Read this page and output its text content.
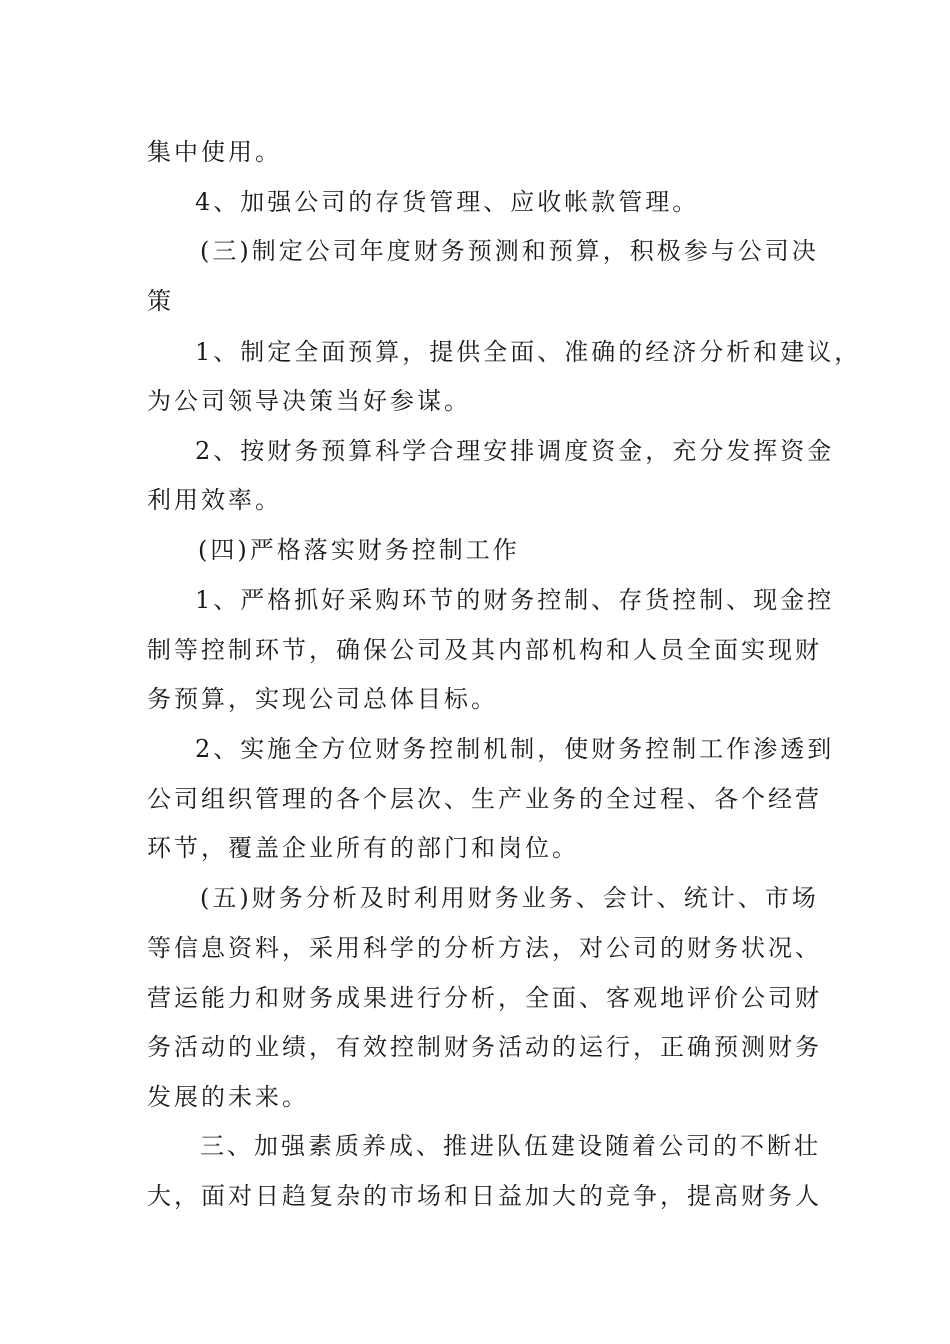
集中使用。
4、加强公司的存货管理、应收帐款管理。
(三)制定公司年度财务预测和预算，积极参与公司决
策
1、制定全面预算，提供全面、准确的经济分析和建议，
为公司领导决策当好参谋。
2、按财务预算科学合理安排调度资金，充分发挥资金
利用效率。
(四)严格落实财务控制工作
1、严格抓好采购环节的财务控制、存货控制、现金控
制等控制环节，确保公司及其内部机构和人员全面实现财
务预算，实现公司总体目标。
2、实施全方位财务控制机制，使财务控制工作渗透到
公司组织管理的各个层次、生产业务的全过程、各个经营
环节，覆盖企业所有的部门和岗位。
(五)财务分析及时利用财务业务、会计、统计、市场
等信息资料，采用科学的分析方法，对公司的财务状况、
营运能力和财务成果进行分析，全面、客观地评价公司财
务活动的业绩，有效控制财务活动的运行，正确预测财务
发展的未来。
三、加强素质养成、推进队伍建设随着公司的不断壮
大，面对日趋复杂的市场和日益加大的竞争，提高财务人
